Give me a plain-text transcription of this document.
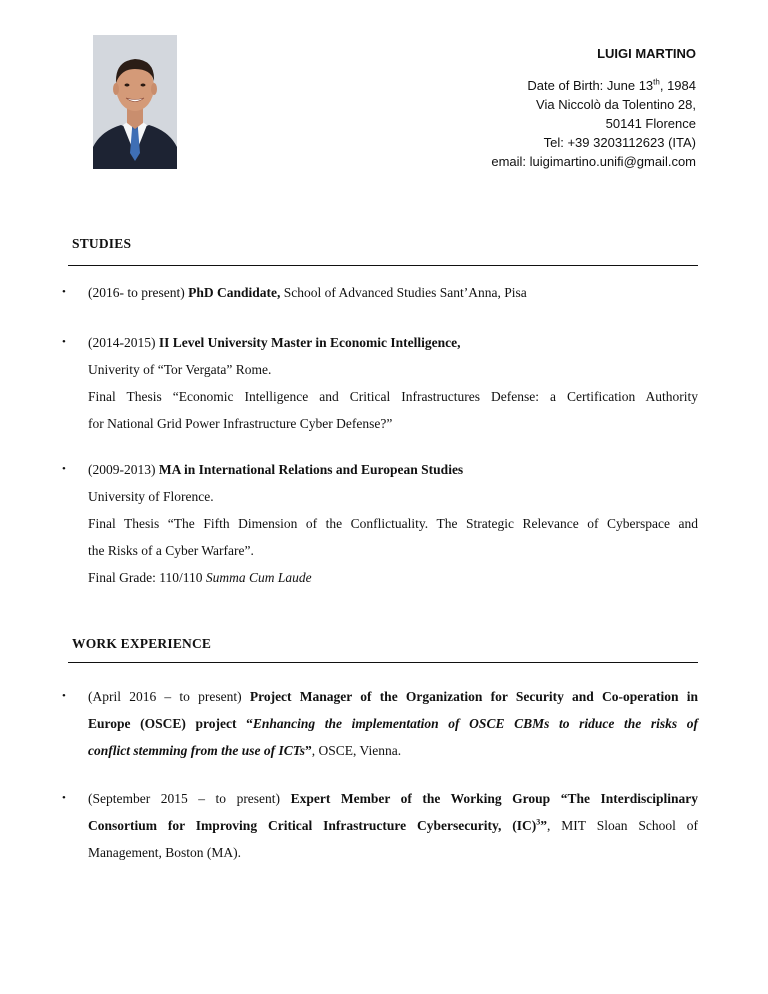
LUIGI MARTINO
Date of Birth: June 13th, 1984
Via Niccolò da Tolentino 28,
50141 Florence
Tel: +39 3203112623 (ITA)
email: luigimartino.unifi@gmail.com
STUDIES
•	(2016- to present) PhD Candidate, School of Advanced Studies Sant’Anna, Pisa
•	(2014-2015) II Level University Master in Economic Intelligence,
Univerity of “Tor Vergata” Rome.
Final Thesis “Economic Intelligence and Critical Infrastructures Defense: a Certification Authority
for National Grid Power Infrastructure Cyber Defense?”
•	(2009-2013) MA in International Relations and European Studies
University of Florence.
Final Thesis “The Fifth Dimension of the Conflictuality. The Strategic Relevance of Cyberspace and
the Risks of a Cyber Warfare”.
Final Grade: 110/110 Summa Cum Laude
WORK EXPERIENCE
•	(April 2016 – to present) Project Manager of the Organization for Security and Co-operation in
Europe (OSCE) project “Enhancing the implementation of OSCE CBMs to riduce the risks of
conflict stemming from the use of ICTs”, OSCE, Vienna.
•	(September 2015 – to present) Expert Member of the Working Group “The Interdisciplinary
Consortium for Improving Critical Infrastructure Cybersecurity, (IC)$^3$”, MIT Sloan School of
Management, Boston (MA).
